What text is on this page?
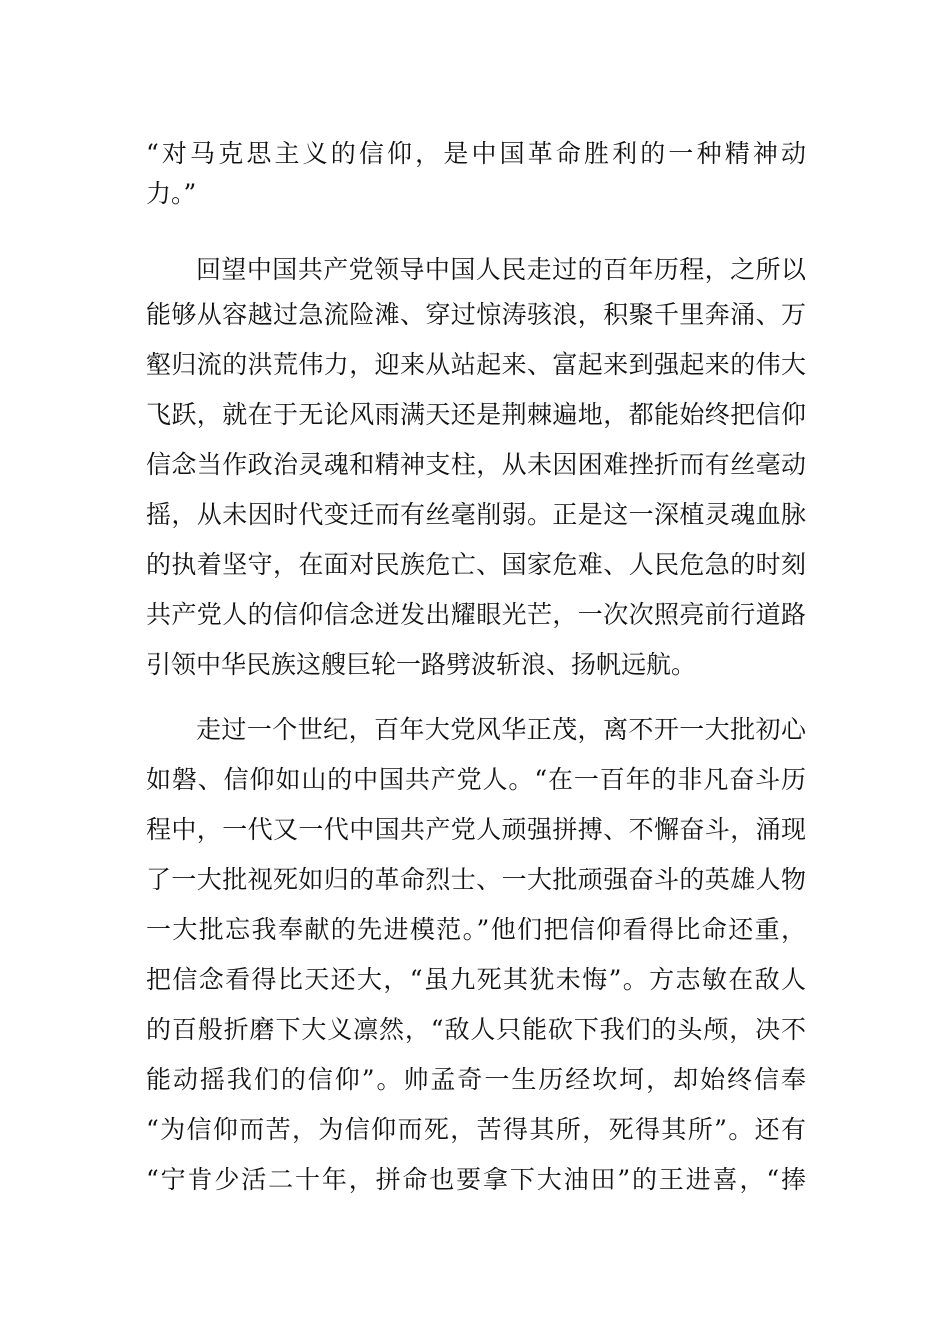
“对马克思主义的信仰，是中国革命胜利的一种精神动
力。”
回望中国共产党领导中国人民走过的百年历程，之所以
能够从容越过急流险滩、穿过惊涛骇浪，积聚千里奔涌、万
壑归流的洪荒伟力，迎来从站起来、富起来到强起来的伟大
飞跃，就在于无论风雨满天还是荆棘遍地，都能始终把信仰
信念当作政治灵魂和精神支柱，从未因困难挫折而有丝毫动
摇，从未因时代变迁而有丝毫削弱。正是这一深植灵魂血脉
的执着坚守，在面对民族危亡、国家危难、人民危急的时刻
共产党人的信仰信念迸发出耀眼光芒，一次次照亮前行道路
引领中华民族这艘巨轮一路劈波斩浪、扬帆远航。
走过一个世纪，百年大党风华正茂，离不开一大批初心
如磐、信仰如山的中国共产党人。“在一百年的非凡奋斗历
程中，一代又一代中国共产党人顽强拼搏、不懈奋斗，涌现
了一大批视死如归的革命烈士、一大批顽强奋斗的英雄人物
一大批忘我奉献的先进模范。”他们把信仰看得比命还重，
把信念看得比天还大，“虽九死其犹未悔”。方志敏在敌人
的百般折磨下大义凛然，“敌人只能砍下我们的头颅，决不
能动摇我们的信仰”。帅孟奇一生历经坎坷，却始终信奉
“为信仰而苦，为信仰而死，苦得其所，死得其所”。还有
“宁肯少活二十年，拼命也要拿下大油田”的王进喜，“捧
